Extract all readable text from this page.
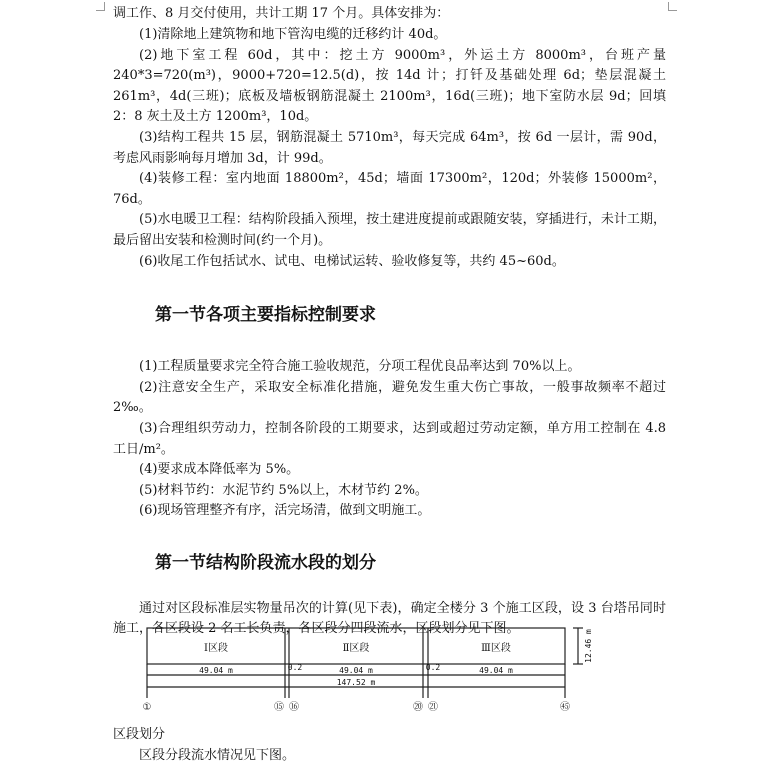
调工作、8 月交付使用，共计工期 17 个月。具体安排为：

(1)清除地上建筑物和地下管沟电缆的迁移约计 40d。

(2)地下室工程 60d，其中：挖土方 9000m³，外运土方 8000m³，台班产量 240*3=720(m³)，9000+720=12.5(d)，按 14d 计；打钎及基础处理 6d；垫层混凝土 261m³，4d(三班)；底板及墙板钢筋混凝土 2100m³，16d(三班)；地下室防水层 9d；回填 2：8 灰土及土方 1200m³，10d。

(3)结构工程共 15 层，钢筋混凝土 5710m³，每天完成 64m³，按 6d 一层计，需 90d，考虑风雨影响每月增加 3d，计 99d。

(4)装修工程：室内地面 18800m²，45d；墙面 17300m²，120d；外装修 15000m²，76d。

(5)水电暖卫工程：结构阶段插入预埋，按土建进度提前或跟随安装，穿插进行，未计工期，最后留出安装和检测时间(约一个月)。

(6)收尾工作包括试水、试电、电梯试运转、验收修复等，共约 45~60d。

第一节各项主要指标控制要求

(1)工程质量要求完全符合施工验收规范，分项工程优良品率达到 70%以上。

(2)注意安全生产，采取安全标准化措施，避免发生重大伤亡事故，一般事故频率不超过 2‰。

(3)合理组织劳动力，控制各阶段的工期要求，达到或超过劳动定额，单方用工控制在 4.8 工日/m²。

(4)要求成本降低率为 5%。

(5)材料节约：水泥节约 5%以上，木材节约 2%。

(6)现场管理整齐有序，活完场清，做到文明施工。

第一节结构阶段流水段的划分

通过对区段标准层实物量吊次的计算(见下表)，确定全楼分 3 个施工区段，设 3 台塔吊同时施工，各区段设 2 名工长负责，各区段分四段流水，区段划分见下图。

Ⅰ区段	Ⅱ区段	Ⅲ区段
49.04 m	49.04 m	49.04 m
0.2	0.2
147.52 m
12.46 m
①	⑮ ⑯	⑳ ㉑	㊺
区段划分
区段分段流水情况见下图。
